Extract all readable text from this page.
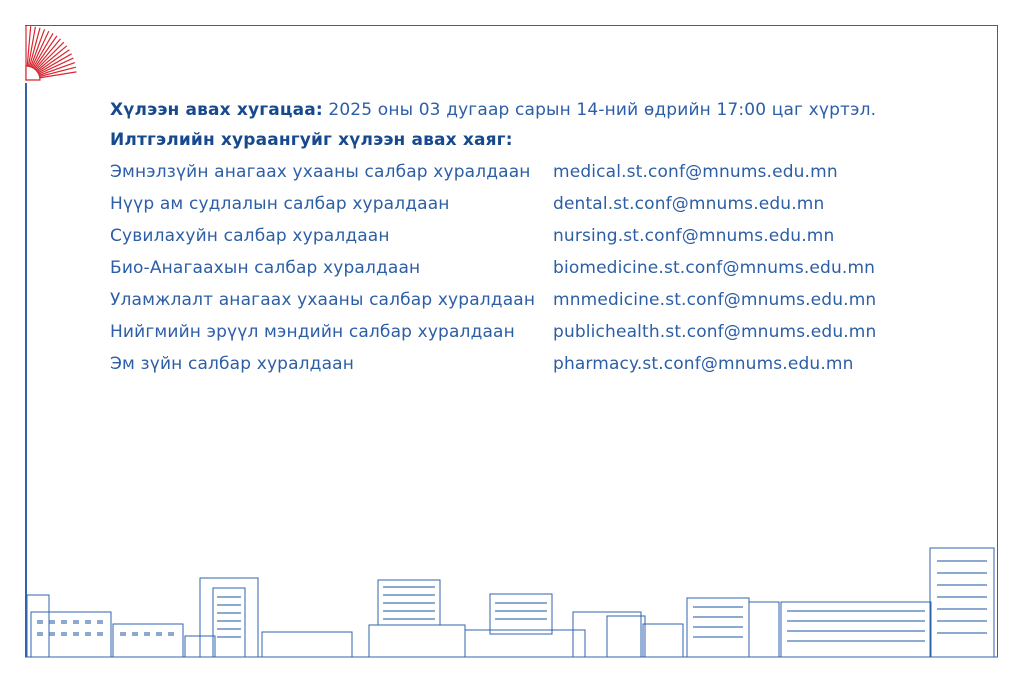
Хүлээн авах хугацаа: 2025 оны 03 дугаар сарын 14-ний өдрийн 17:00 цаг хүртэл.
Илтгэлийн хураангуйг хүлээн авах хаяг:
Эмнэлзүйн анагаах ухааны салбар хуралдаан	medical.st.conf@mnums.edu.mn
Нүүр ам судлалын салбар хуралдаан	dental.st.conf@mnums.edu.mn
Сувилахуйн салбар хуралдаан	nursing.st.conf@mnums.edu.mn
Био-Анагаахын салбар хуралдаан	biomedicine.st.conf@mnums.edu.mn
Уламжлалт анагаах ухааны салбар хуралдаан	mnmedicine.st.conf@mnums.edu.mn
Нийгмийн эрүүл мэндийн салбар хуралдаан	publichealth.st.conf@mnums.edu.mn
Эм зүйн салбар хуралдаан	pharmacy.st.conf@mnums.edu.mn
